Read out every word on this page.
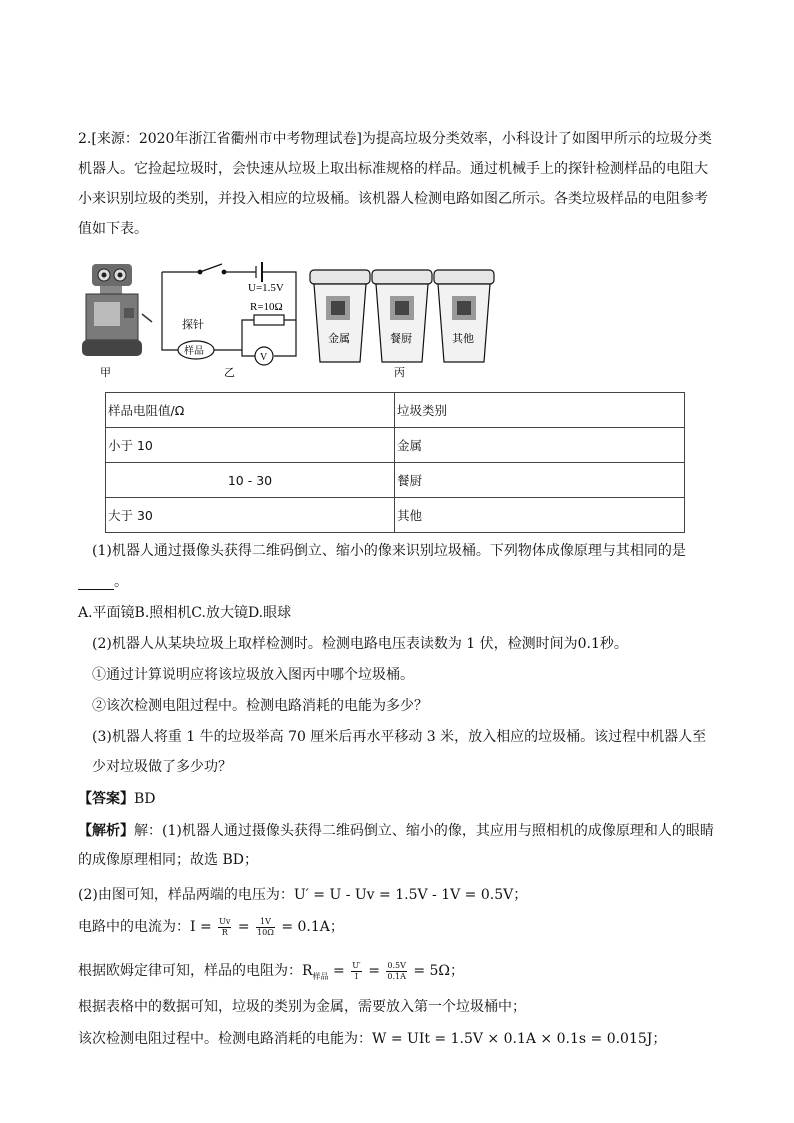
2.[来源：2020年浙江省衢州市中考物理试卷]为提高垃圾分类效率，小科设计了如图甲所示的垃圾分类机器人。它捡起垃圾时，会快速从垃圾上取出标准规格的样品。通过机械手上的探针检测样品的电阻大小来识别垃圾的类别，并投入相应的垃圾桶。该机器人检测电路如图乙所示。各类垃圾样品的电阻参考值如下表。
U=1.5V
R=10Ω
探针
样品
V
金属	餐厨	其他
甲	乙	丙
样品电阻值/Ω	垃圾类别
小于 10	金属
10 - 30	餐厨
大于 30	其他
(1)机器人通过摄像头获得二维码倒立、缩小的像来识别垃圾桶。下列物体成像原理与其相同的是
。
A.平面镜B.照相机C.放大镜D.眼球
(2)机器人从某块垃圾上取样检测时。检测电路电压表读数为 1 伏，检测时间为0.1秒。
①通过计算说明应将该垃圾放入图丙中哪个垃圾桶。
②该次检测电阻过程中。检测电路消耗的电能为多少？
(3)机器人将重 1 牛的垃圾举高 70 厘米后再水平移动 3 米，放入相应的垃圾桶。该过程中机器人至少对垃圾做了多少功？
【答案】BD
【解析】解：(1)机器人通过摄像头获得二维码倒立、缩小的像，其应用与照相机的成像原理和人的眼睛的成像原理相同；故选 BD；
(2)由图可知，样品两端的电压为：U′ = U - Uv = 1.5V - 1V = 0.5V；
电路中的电流为：$I = \frac{Uv}{R} = \frac{1V}{10\Omega} = 0.1A$；
根据欧姆定律可知，样品的电阻为：$R_{样品} = \frac{U'}{I} = \frac{0.5V}{0.1A} = 5\Omega$；
根据表格中的数据可知，垃圾的类别为金属，需要放入第一个垃圾桶中；
该次检测电阻过程中。检测电路消耗的电能为：W = UIt = 1.5V × 0.1A × 0.1s = 0.015J；
